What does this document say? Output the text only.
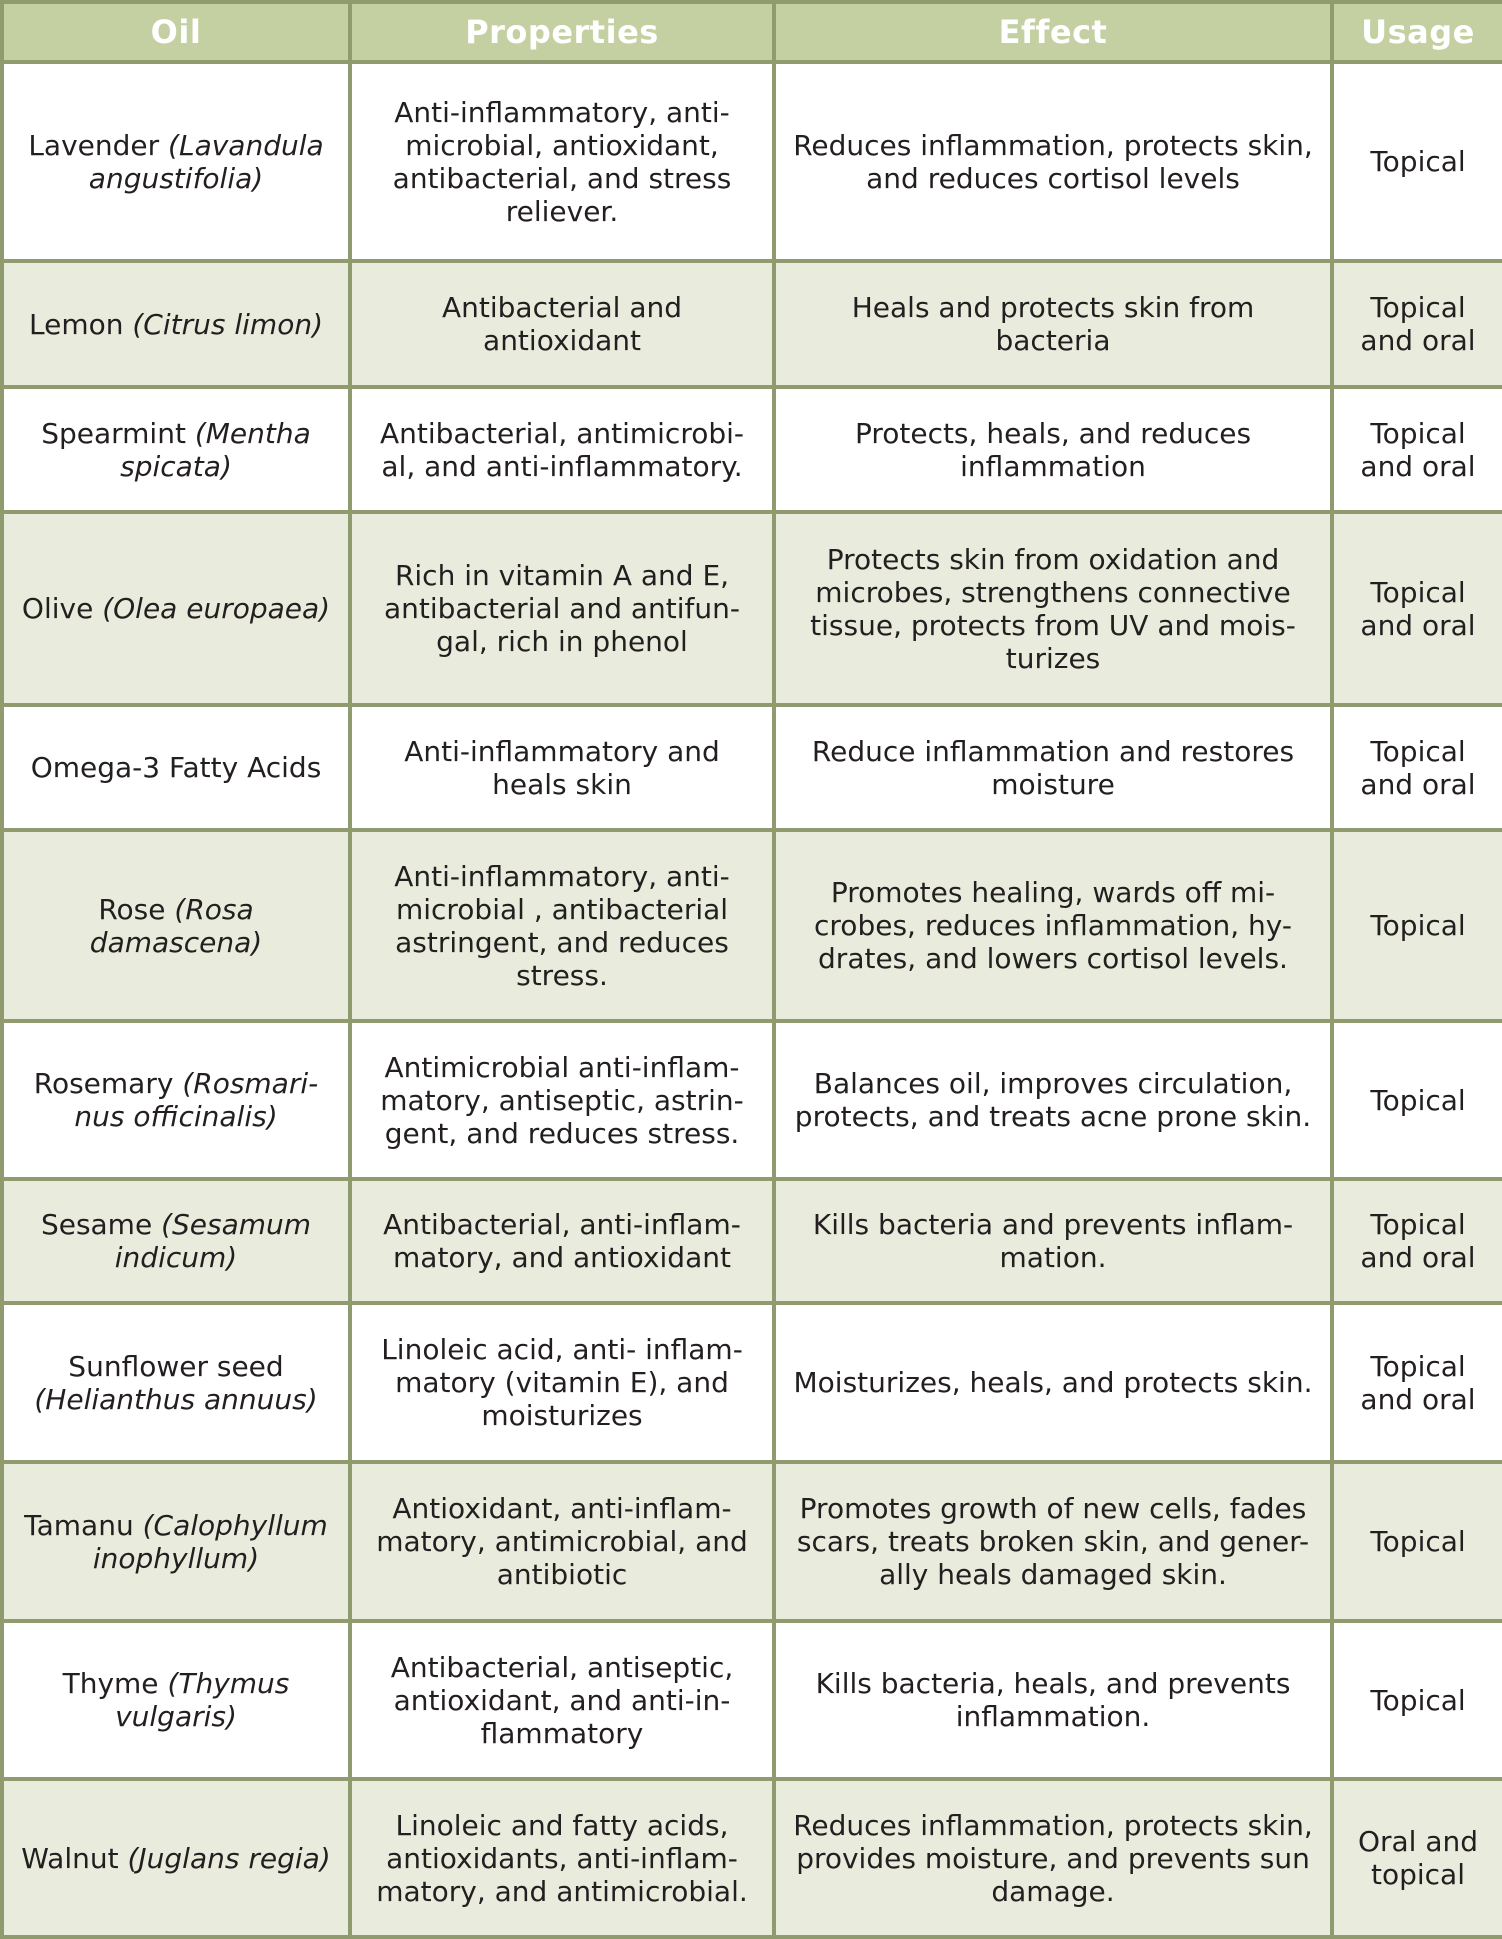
Oil	Properties	Effect	Usage
Lavender (Lavandula angustifolia)	Anti-inflammatory, anti-microbial, antioxidant, antibacterial, and stress reliever.	Reduces inflammation, protects skin, and reduces cortisol levels	Topical
Lemon (Citrus limon)	Antibacterial and antioxidant	Heals and protects skin from bacteria	Topical and oral
Spearmint (Mentha spicata)	Antibacterial, antimicrobi-al, and anti-inflammatory.	Protects, heals, and reduces inflammation	Topical and oral
Olive (Olea europaea)	Rich in vitamin A and E, antibacterial and antifun-gal, rich in phenol	Protects skin from oxidation and microbes, strengthens connective tissue, protects from UV and mois-turizes	Topical and oral
Omega-3 Fatty Acids	Anti-inflammatory and heals skin	Reduce inflammation and restores moisture	Topical and oral
Rose (Rosa damascena)	Anti-inflammatory, anti-microbial , antibacterial astringent, and reduces stress.	Promotes healing, wards off mi-crobes, reduces inflammation, hy-drates, and lowers cortisol levels.	Topical
Rosemary (Rosmari-nus officinalis)	Antimicrobial anti-inflam-matory, antiseptic, astrin-gent, and reduces stress.	Balances oil, improves circulation, protects, and treats acne prone skin.	Topical
Sesame (Sesamum indicum)	Antibacterial, anti-inflam-matory, and antioxidant	Kills bacteria and prevents inflam-mation.	Topical and oral
Sunflower seed (Helianthus annuus)	Linoleic acid, anti- inflam-matory (vitamin E), and moisturizes	Moisturizes, heals, and protects skin.	Topical and oral
Tamanu (Calophyllum inophyllum)	Antioxidant, anti-inflam-matory, antimicrobial, and antibiotic	Promotes growth of new cells, fades scars, treats broken skin, and gener-ally heals damaged skin.	Topical
Thyme (Thymus vulgaris)	Antibacterial, antiseptic, antioxidant, and anti-in-flammatory	Kills bacteria, heals, and prevents inflammation.	Topical
Walnut (Juglans regia)	Linoleic and fatty acids, antioxidants, anti-inflam-matory, and antimicrobial.	Reduces inflammation, protects skin, provides moisture, and prevents sun damage.	Oral and topical
